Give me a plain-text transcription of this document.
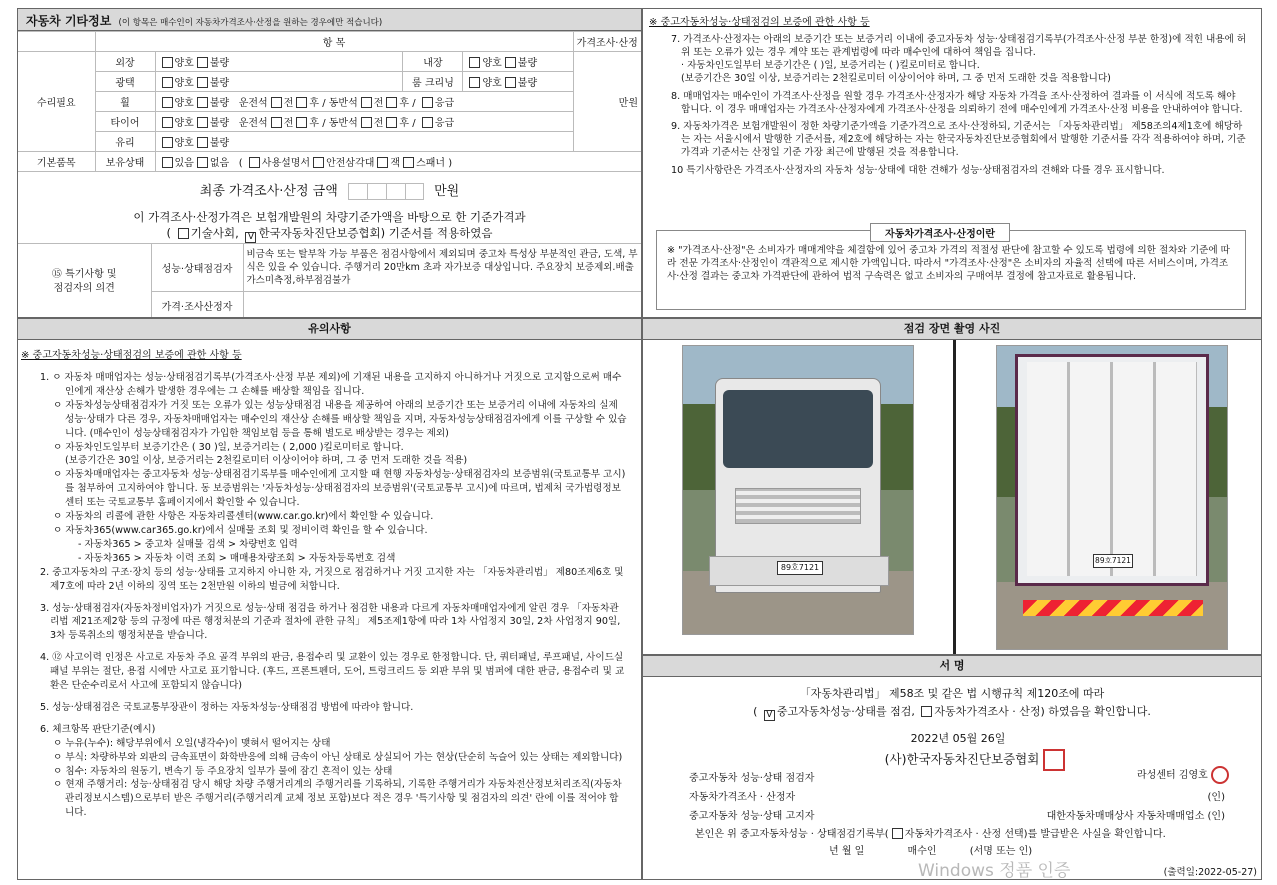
자동차 기타정보 (이 항목은 매수인이 자동차가격조사·산정을 원하는 경우에만 적습니다)
	항 목				가격조사·산정
수리필요	외장	양호 불량	내장	양호 불량	만원
	광택	양호 불량	룸 크리닝	양호 불량	
	휠	양호 불량 운전석 전 후 / 동반석 전 후 / 응급			
	타이어	양호 불량 운전석 전 후 / 동반석 전 후 / 응급			
	유리	양호 불량			
기본품목	보유상태	있음 없음   ( 사용설명서 안전삼각대 잭 스패너 )			
최종 가격조사·산정 금액	만원
이 가격조사·산정가격은 보험개발원의 차량기준가액을 바탕으로 한 기준가격과
( 기술사회, V 한국자동차진단보증협회) 기준서를 적용하였음
⑮ 특기사항 및
점검자의 의견	성능·상태점검자	비금속 또는 탈부착 가능 부품은 점검사항에서 제외되며 중고차 특성상 부분적인 관금, 도색, 부식은 있을 수 있습니다. 주행거리 20만km 초과 자가보증 대상입니다. 주요장치 보증제외.배출가스미측정,하부점검불가
	가격·조사산정자	
※ 중고자동차성능·상태점검의 보증에 관한 사항 등
7. 가격조사·산정자는 아래의 보증기간 또는 보증거리 이내에 중고자동차 성능·상태점검기록부(가격조사·산정 부분 한정)에 적힌 내용에 허위 또는 오류가 있는 경우 계약 또는 관계법령에 따라 매수인에 대하여 책임을 집니다.
· 자동차인도일부터 보증기간은 ( )일, 보증거리는 ( )킬로미터로 합니다.
(보증기간은 30일 이상, 보증거리는 2천킬로미터 이상이어야 하며, 그 중 먼저 도래한 것을 적용합니다)
8. 매매업자는 매수인이 가격조사·산정을 원할 경우 가격조사·산정자가 해당 자동차 가격을 조사·산정하여 결과를 이 서식에 적도록 해야 합니다. 이 경우 매매업자는 가격조사·산정자에게 가격조사·산정을 의뢰하기 전에 매수인에게 가격조사·산정 비용을 안내하여야 합니다.
9. 자동차가격은 보험개발원이 정한 차량기준가액을 기준가격으로 조사·산정하되, 기준서는 「자동차관리법」 제58조의4제1호에 해당하는 자는 서울시에서 발행한 기준서를, 제2호에 해당하는 자는 한국자동차진단보증협회에서 발행한 기준서를 각각 적용하여야 하며, 기준가격과 기준서는 산정일 기준 가장 최근에 발행된 것을 적용합니다.
10 특기사항란은 가격조사·산정자의 자동차 성능·상태에 대한 견해가 성능·상태점검자의 견해와 다를 경우 표시합니다.
자동차가격조사·산정이란
※ "가격조사·산정"은 소비자가 매매계약을 체결함에 있어 중고차 가격의 적절성 판단에 참고할 수 있도록 법령에 의한 절차와 기준에 따라 전문 가격조사·산정인이 객관적으로 제시한 가액입니다. 따라서 "가격조사·산정"은 소비자의 자율적 선택에 따른 서비스이며, 가격조사·산정 결과는 중고차 가격판단에 관하여 법적 구속력은 없고 소비자의 구매여부 결정에 참고자료로 활용됩니다.
유의사항
※ 중고자동차성능·상태점검의 보증에 관한 사항 등
1. ㅇ 자동차 매매업자는 성능·상태점검기록부(가격조사·산정 부분 제외)에 기재된 내용을 고지하지 아니하거나 거짓으로 고지함으로써 매수인에게 재산상 손해가 발생한 경우에는 그 손해를 배상할 책임을 집니다.
ㅇ 자동차성능상태점검자가 거짓 또는 오류가 있는 성능상태점검 내용을 제공하여 아래의 보증기간 또는 보증거리 이내에 자동차의 실제 성능·상태가 다른 경우, 자동차매매업자는 매수인의 재산상 손해를 배상할 책임을 지며, 자동차성능상태점검자에게 이를 구상할 수 있습니다. (매수인이 성능상태점검자가 가입한 책임보험 등을 통해 별도로 배상받는 경우는 제외)
ㅇ 자동차인도일부터 보증기간은 ( 30 )일, 보증거리는 ( 2,000 )킬로미터로 합니다.
(보증기간은 30일 이상, 보증거리는 2천킬로미터 이상이어야 하며, 그 중 먼저 도래한 것을 적용)
ㅇ 자동차매매업자는 중고자동차 성능·상태점검기록부를 매수인에게 고지할 때 현행 자동차성능·상태점검자의 보증범위(국토교통부 고시)를 첨부하여 고지하여야 합니다. 동 보증범위는 '자동차성능·상태점검자의 보증범위'(국토교통부 고시)에 따르며, 법제처 국가법령정보센터 또는 국토교통부 홈페이지에서 확인할 수 있습니다.
ㅇ 자동차의 리콜에 관한 사항은 자동차리콜센터(www.car.go.kr)에서 확인할 수 있습니다.
ㅇ 자동차365(www.car365.go.kr)에서 실매물 조회 및 정비이력 확인을 할 수 있습니다.
- 자동차365 > 중고차 실매물 검색 > 차량번호 입력
- 자동차365 > 자동차 이력 조회 > 매매용차량조회 > 자동차등록번호 검색
2. 중고자동차의 구조·장치 등의 성능·상태를 고지하지 아니한 자, 거짓으로 점검하거나 거짓 고지한 자는 「자동차관리법」 제80조제6호 및 제7호에 따라 2년 이하의 징역 또는 2천만원 이하의 벌금에 처합니다.
3. 성능·상태점검자(자동차정비업자)가 거짓으로 성능·상태 점검을 하거나 점검한 내용과 다르게 자동차매매업자에게 알린 경우 「자동차관리법 제21조제2항 등의 규정에 따른 행정처분의 기준과 절차에 관한 규칙」 제5조제1항에 따라 1차 사업정지 30일, 2차 사업정지 90일, 3차 등록취소의 행정처분을 받습니다.
4. ⑫ 사고이력 인정은 사고로 자동차 주요 골격 부위의 판금, 용접수리 및 교환이 있는 경우로 한정합니다. 단, 쿼터패널, 루프패널, 사이드실패널 부위는 절단, 용접 시에만 사고로 표기합니다. (후드, 프론트펜더, 도어, 트렁크리드 등 외판 부위 및 범퍼에 대한 판금, 용접수리 및 교환은 단순수리로서 사고에 포함되지 않습니다)
5. 성능·상태점검은 국토교통부장관이 정하는 자동차성능·상태점검 방법에 따라야 합니다.
6. 체크항목 판단기준(예시)
ㅇ 누유(누수): 해당부위에서 오일(냉각수)이 맺혀서 떨어지는 상태
ㅇ 부식: 차량하부와 외판의 금속표면이 화학반응에 의해 금속이 아닌 상태로 상실되어 가는 현상(단순히 녹슬어 있는 상태는 제외합니다)
ㅇ 침수: 자동차의 원동기, 변속기 등 주요장치 일부가 물에 잠긴 흔적이 있는 상태
ㅇ 현재 주행거리: 성능·상태점검 당시 해당 차량 주행거리계의 주행거리를 기록하되, 기록한 주행거리가 자동차전산정보처리조직(자동차관리정보시스템)으로부터 받은 주행거리(주행거리계 교체 정보 포함)보다 적은 경우 '특기사항 및 점검자의 의견' 란에 이를 적어야 합니다.
점검 장면 촬영 사진
89호7121
89호7121
서 명
「자동차관리법」 제58조 및 같은 법 시행규칙 제120조에 따라
( V 중고자동차성능·상태를 점검, 자동차가격조사 · 산정) 하였음을 확인합니다.
2022년 05월 26일
(사)한국자동차진단보증협회
중고자동차 성능·상태 점검자	라성센터 김영호
자동차가격조사 · 산정자	(인)
중고자동차 성능·상태 고지자	대한자동차매매상사 자동차매매업소 (인)
본인은 위 중고자동차성능 · 상태점검기록부( 자동차가격조사 · 산정 선택)를 발급받은 사실을 확인합니다.
년 월 일	매수인	(서명 또는 인)
Windows 정품 인증	(출력일:2022-05-27)
